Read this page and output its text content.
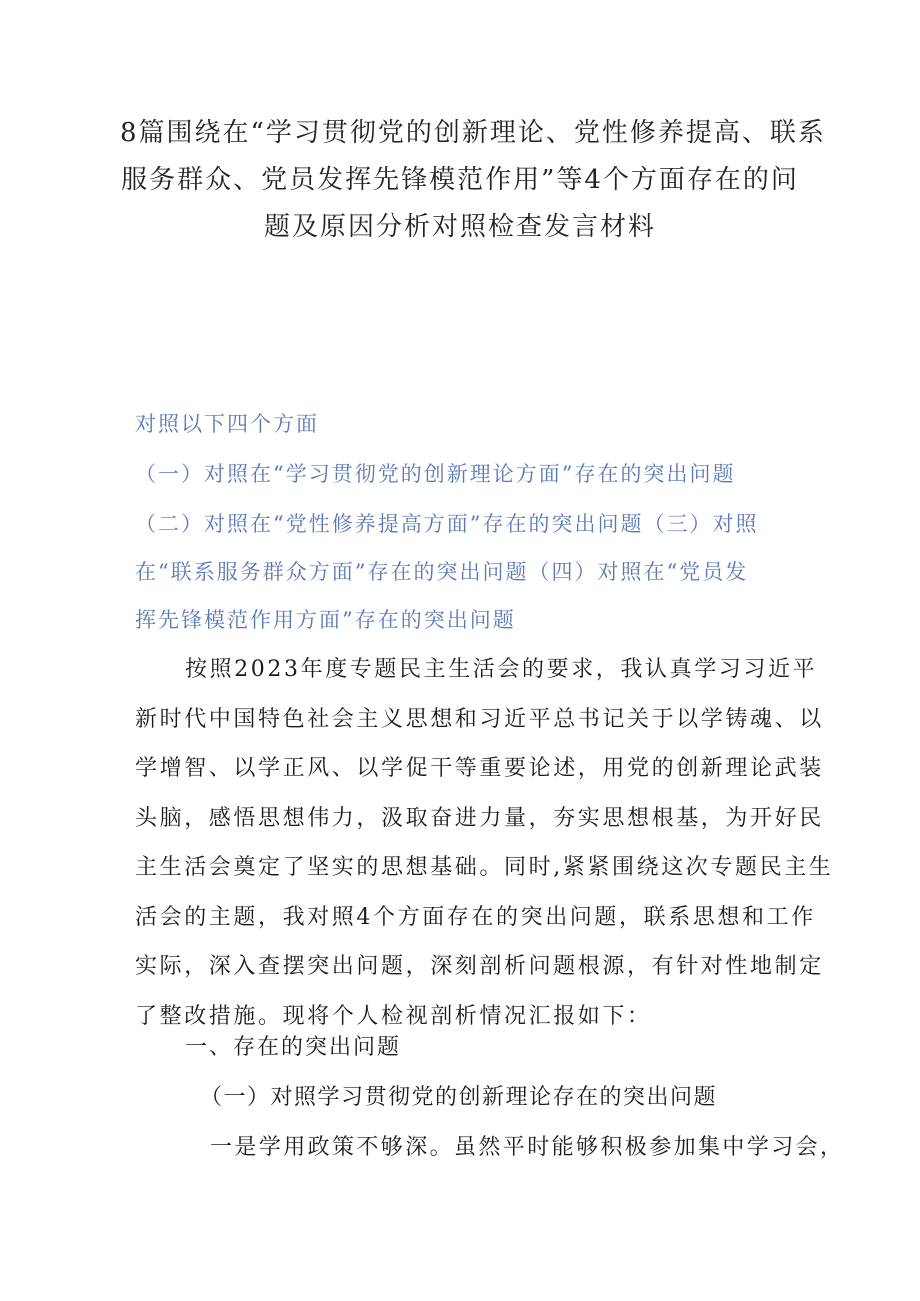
8篇围绕在“学习贯彻党的创新理论、党性修养提高、联系
服务群众、党员发挥先锋模范作用”等4个方面存在的问
题及原因分析对照检查发言材料
对照以下四个方面
（一）对照在“学习贯彻党的创新理论方面”存在的突出问题
（二）对照在“党性修养提高方面”存在的突出问题（三）对照
在“联系服务群众方面”存在的突出问题（四）对照在“党员发
挥先锋模范作用方面”存在的突出问题

按照2023年度专题民主生活会的要求，我认真学习习近平

新时代中国特色社会主义思想和习近平总书记关于以学铸魂、以

学增智、以学正风、以学促干等重要论述，用党的创新理论武装

头脑，感悟思想伟力，汲取奋进力量，夯实思想根基，为开好民

主生活会奠定了坚实的思想基础。同时,紧紧围绕这次专题民主生

活会的主题，我对照4个方面存在的突出问题，联系思想和工作

实际，深入查摆突出问题，深刻剖析问题根源，有针对性地制定

了整改措施。现将个人检视剖析情况汇报如下：

一、存在的突出问题
（一）对照学习贯彻党的创新理论存在的突出问题
一是学用政策不够深。虽然平时能够积极参加集中学习会，
